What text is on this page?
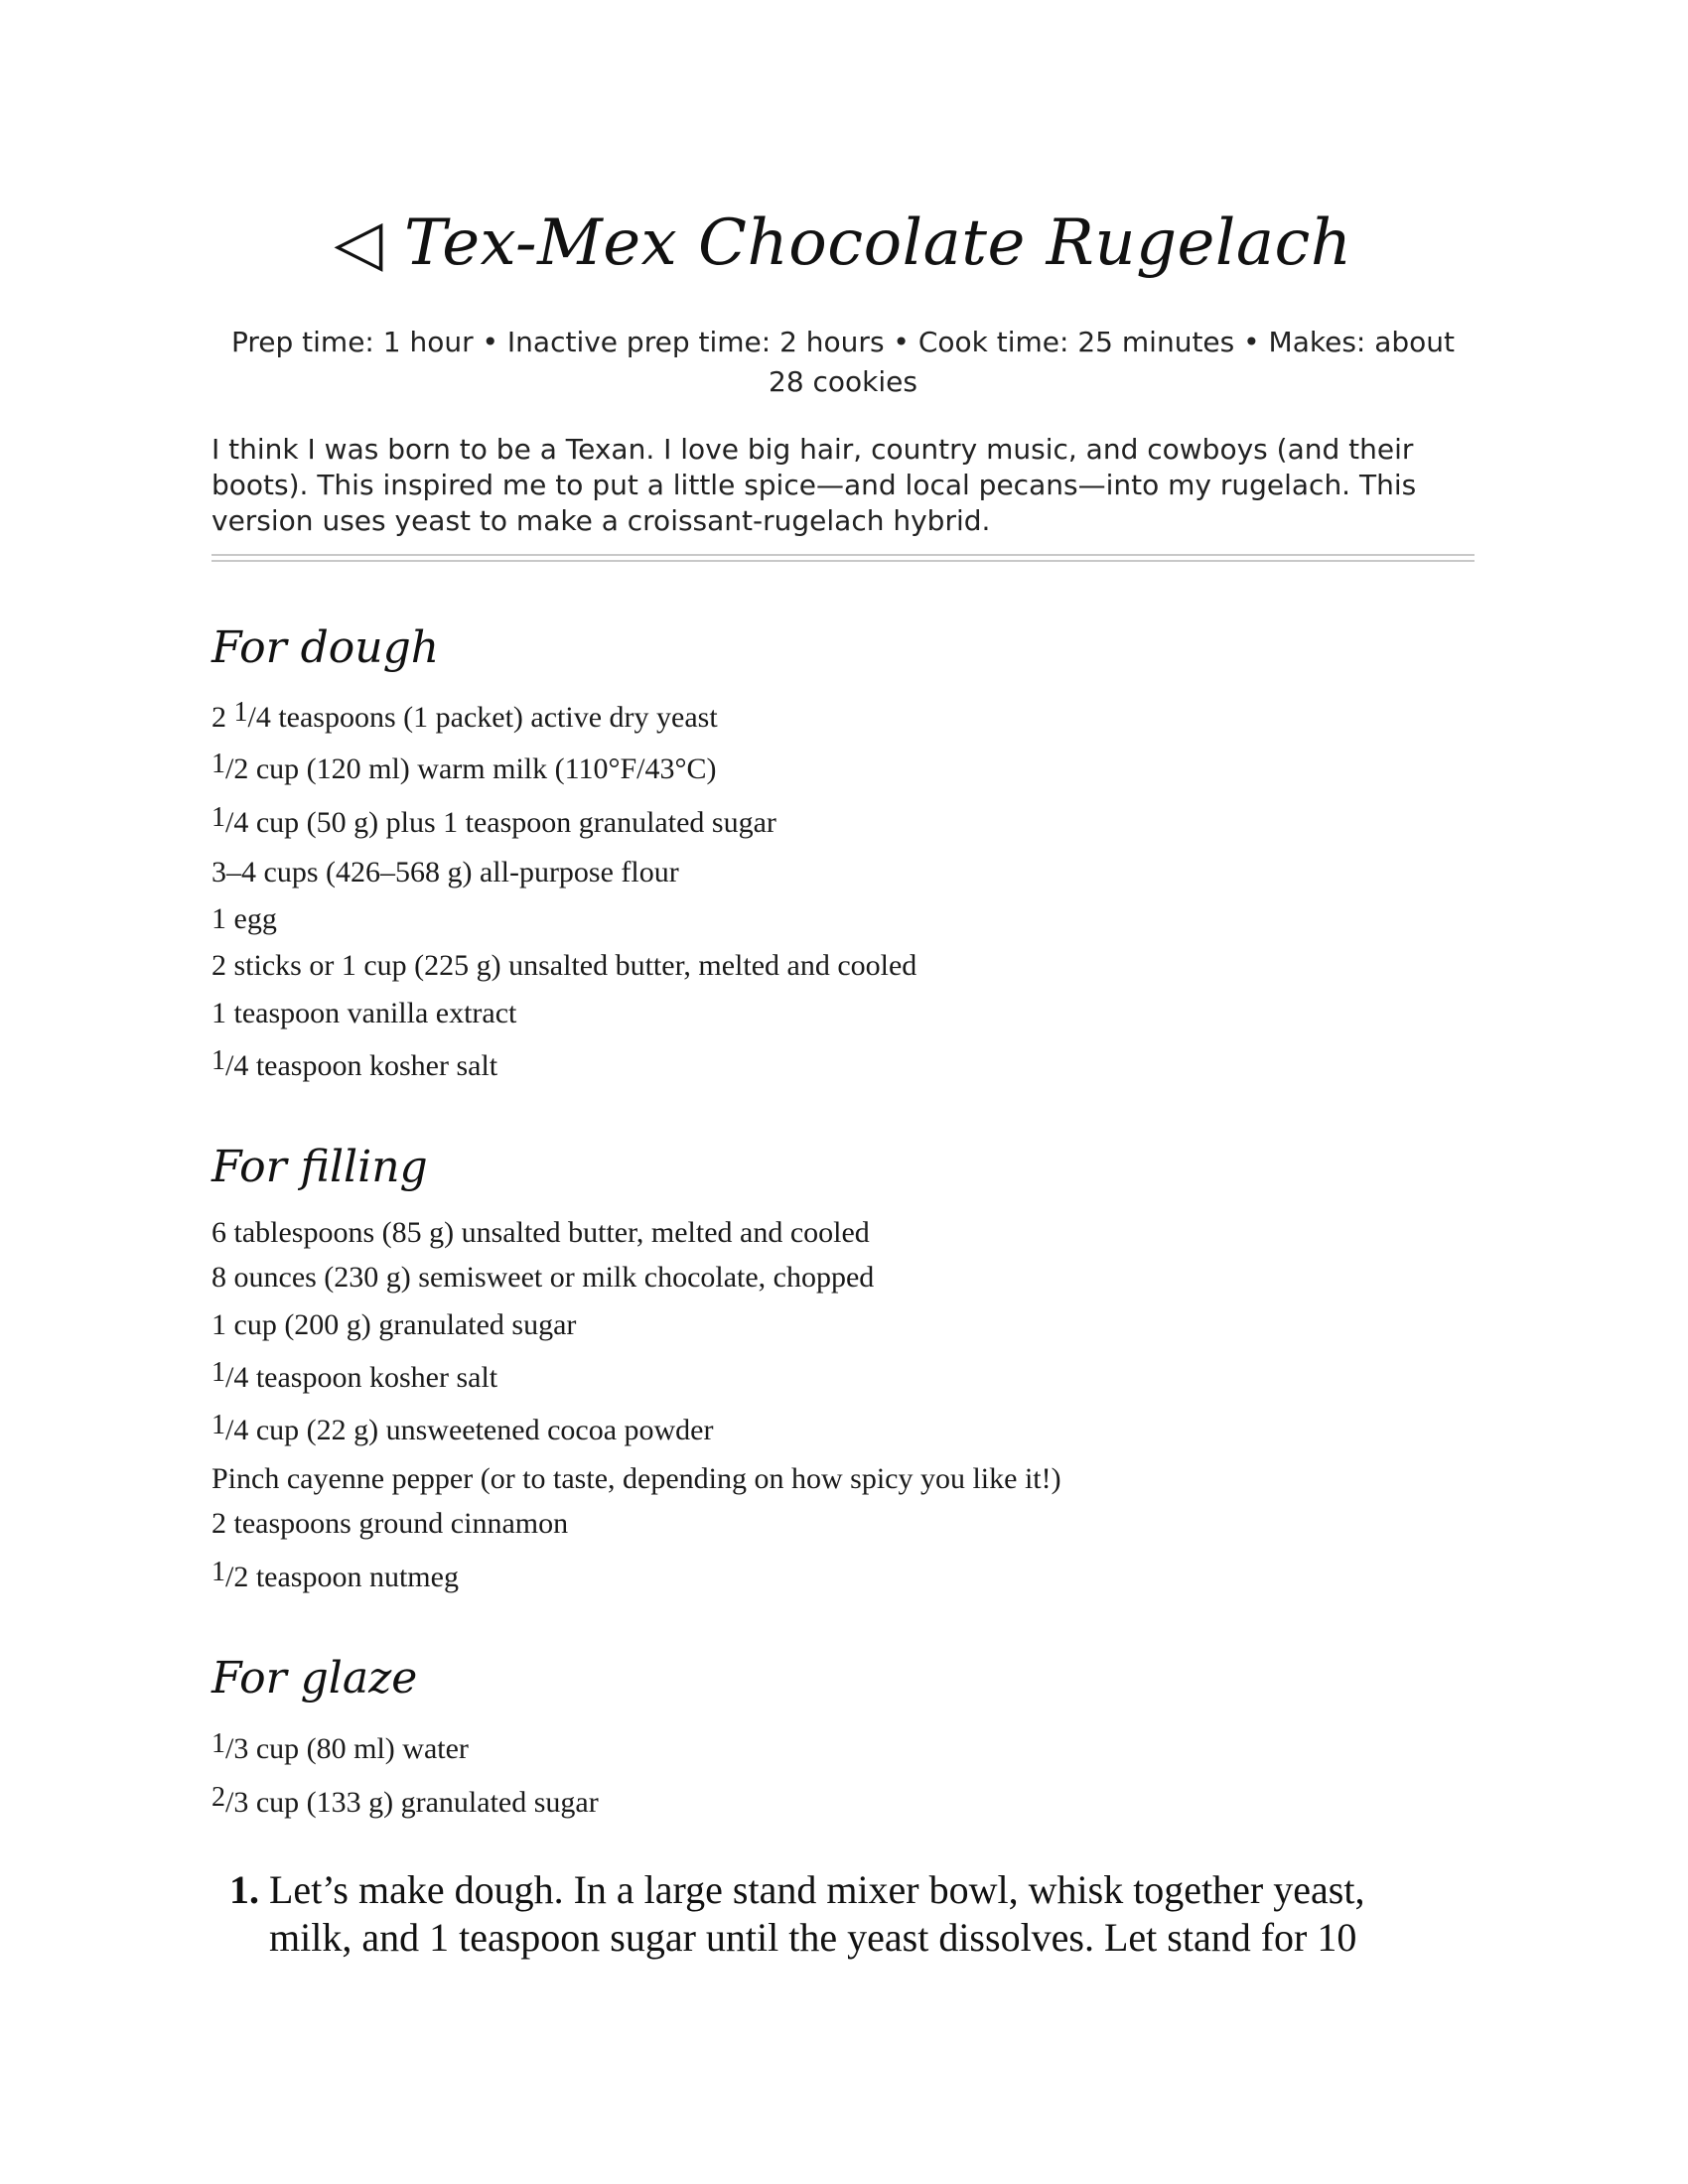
◁ Tex-Mex Chocolate Rugelach
Prep time: 1 hour • Inactive prep time: 2 hours • Cook time: 25 minutes • Makes: about 28 cookies
I think I was born to be a Texan. I love big hair, country music, and cowboys (and their boots). This inspired me to put a little spice—and local pecans—into my rugelach. This version uses yeast to make a croissant-rugelach hybrid.
For dough
2 $^1$/4 teaspoons (1 packet) active dry yeast
$^1$/2 cup (120 ml) warm milk (110°F/43°C)
$^1$/4 cup (50 g) plus 1 teaspoon granulated sugar
3–4 cups (426–568 g) all-purpose flour
1 egg
2 sticks or 1 cup (225 g) unsalted butter, melted and cooled
1 teaspoon vanilla extract
$^1$/4 teaspoon kosher salt
For filling
6 tablespoons (85 g) unsalted butter, melted and cooled
8 ounces (230 g) semisweet or milk chocolate, chopped
1 cup (200 g) granulated sugar
$^1$/4 teaspoon kosher salt
$^1$/4 cup (22 g) unsweetened cocoa powder
Pinch cayenne pepper (or to taste, depending on how spicy you like it!)
2 teaspoons ground cinnamon
$^1$/2 teaspoon nutmeg
For glaze
$^1$/3 cup (80 ml) water
$^2$/3 cup (133 g) granulated sugar
1. Let’s make dough. In a large stand mixer bowl, whisk together yeast, milk, and 1 teaspoon sugar until the yeast dissolves. Let stand for 10
